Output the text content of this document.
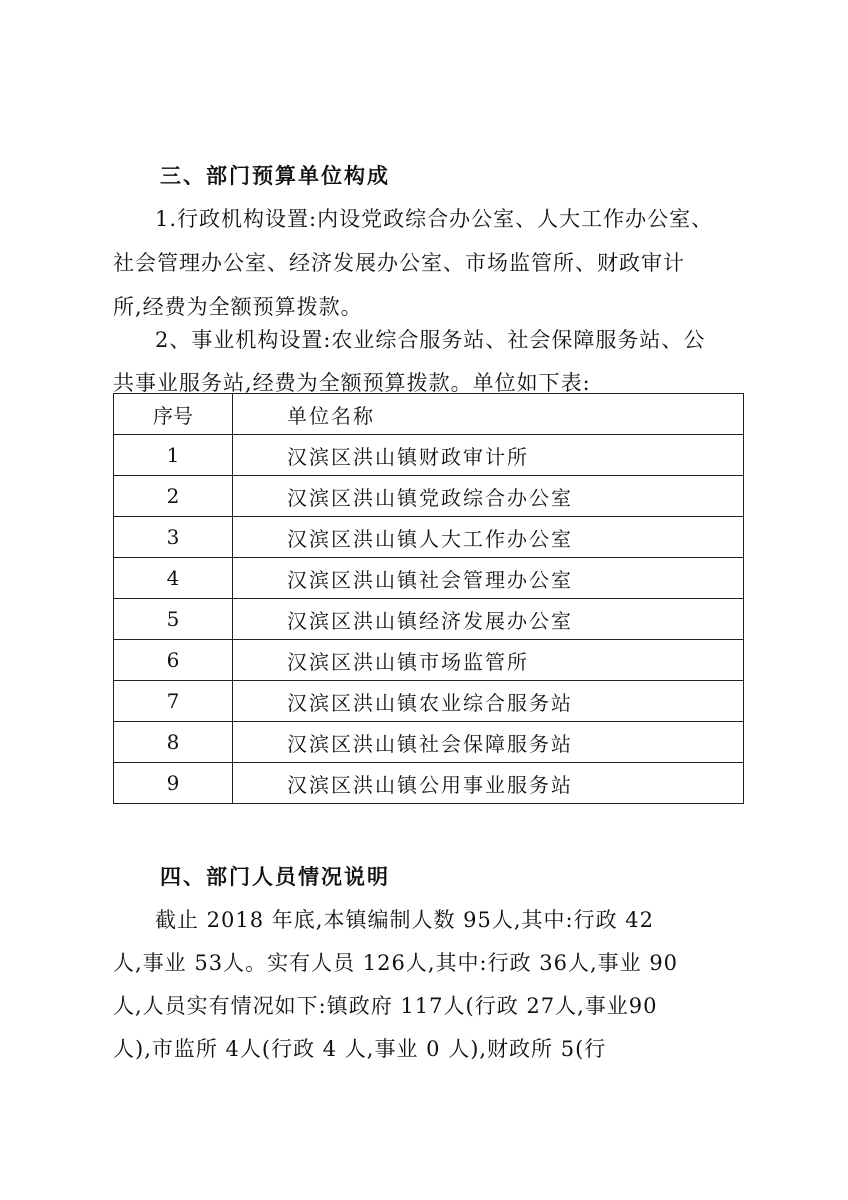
三、部门预算单位构成
1.行政机构设置:内设党政综合办公室、人大工作办公室、
社会管理办公室、经济发展办公室、市场监管所、财政审计
所,经费为全额预算拨款。
2、事业机构设置:农业综合服务站、社会保障服务站、公
共事业服务站,经费为全额预算拨款。单位如下表:
序号	单位名称
1	汉滨区洪山镇财政审计所
2	汉滨区洪山镇党政综合办公室
3	汉滨区洪山镇人大工作办公室
4	汉滨区洪山镇社会管理办公室
5	汉滨区洪山镇经济发展办公室
6	汉滨区洪山镇市场监管所
7	汉滨区洪山镇农业综合服务站
8	汉滨区洪山镇社会保障服务站
9	汉滨区洪山镇公用事业服务站
四、部门人员情况说明
截止 2018 年底,本镇编制人数 95人,其中:行政 42
人,事业 53人。实有人员 126人,其中:行政 36人,事业 90
人,人员实有情况如下:镇政府 117人(行政 27人,事业90
人),市监所 4人(行政 4 人,事业 0 人),财政所 5(行
